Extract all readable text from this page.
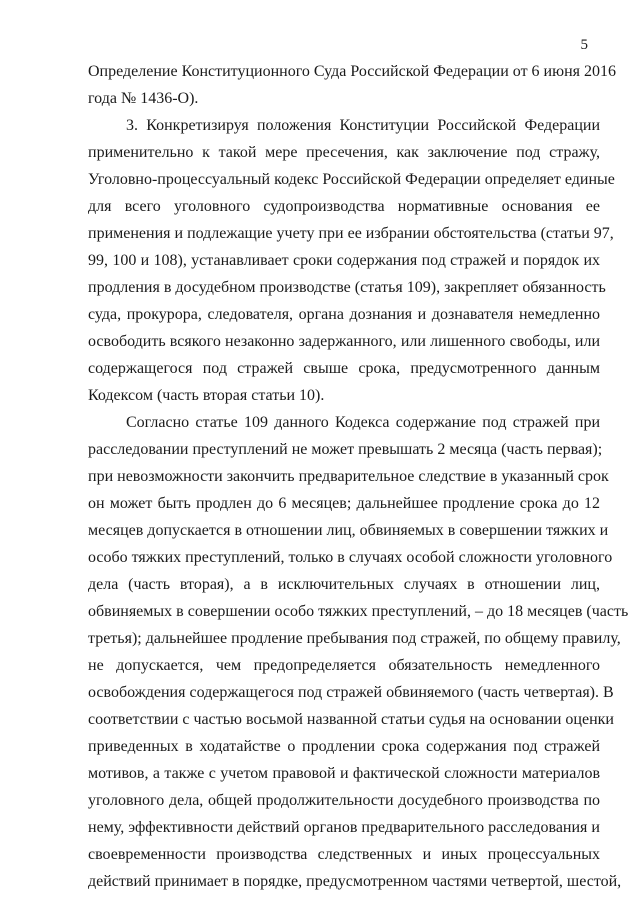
5
Определение Конституционного Суда Российской Федерации от 6 июня 2016
года № 1436-О).
3. Конкретизируя положения Конституции Российской Федерации
применительно к такой мере пресечения, как заключение под стражу,
Уголовно-процессуальный кодекс Российской Федерации определяет единые
для всего уголовного судопроизводства нормативные основания ее
применения и подлежащие учету при ее избрании обстоятельства (статьи 97,
99, 100 и 108), устанавливает сроки содержания под стражей и порядок их
продления в досудебном производстве (статья 109), закрепляет обязанность
суда, прокурора, следователя, органа дознания и дознавателя немедленно
освободить всякого незаконно задержанного, или лишенного свободы, или
содержащегося под стражей свыше срока, предусмотренного данным
Кодексом (часть вторая статьи 10).
Согласно статье 109 данного Кодекса содержание под стражей при
расследовании преступлений не может превышать 2 месяца (часть первая);
при невозможности закончить предварительное следствие в указанный срок
он может быть продлен до 6 месяцев; дальнейшее продление срока до 12
месяцев допускается в отношении лиц, обвиняемых в совершении тяжких и
особо тяжких преступлений, только в случаях особой сложности уголовного
дела (часть вторая), а в исключительных случаях в отношении лиц,
обвиняемых в совершении особо тяжких преступлений, – до 18 месяцев (часть
третья); дальнейшее продление пребывания под стражей, по общему правилу,
не допускается, чем предопределяется обязательность немедленного
освобождения содержащегося под стражей обвиняемого (часть четвертая). В
соответствии с частью восьмой названной статьи судья на основании оценки
приведенных в ходатайстве о продлении срока содержания под стражей
мотивов, а также с учетом правовой и фактической сложности материалов
уголовного дела, общей продолжительности досудебного производства по
нему, эффективности действий органов предварительного расследования и
своевременности производства следственных и иных процессуальных
действий принимает в порядке, предусмотренном частями четвертой, шестой,
